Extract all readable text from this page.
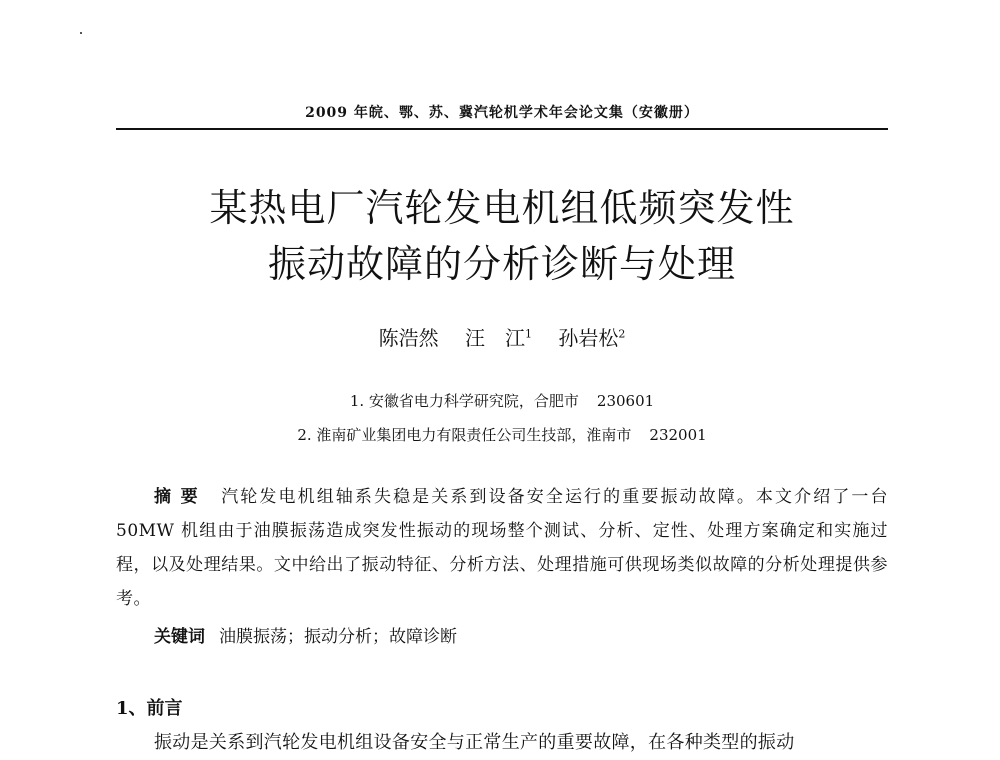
2009 年皖、鄂、苏、冀汽轮机学术年会论文集（安徽册）
某热电厂汽轮发电机组低频突发性
振动故障的分析诊断与处理
陈浩然 汪　江$^1$ 孙岩松$^2$
1. 安徽省电力科学研究院，合肥市 230601
2. 淮南矿业集团电力有限责任公司生技部，淮南市 232001
摘要 汽轮发电机组轴系失稳是关系到设备安全运行的重要振动故障。本文介绍了一台 50MW 机组由于油膜振荡造成突发性振动的现场整个测试、分析、定性、处理方案确定和实施过程，以及处理结果。文中给出了振动特征、分析方法、处理措施可供现场类似故障的分析处理提供参考。
关键词 油膜振荡；振动分析；故障诊断
1、前言
振动是关系到汽轮发电机组设备安全与正常生产的重要故障，在各种类型的振动
